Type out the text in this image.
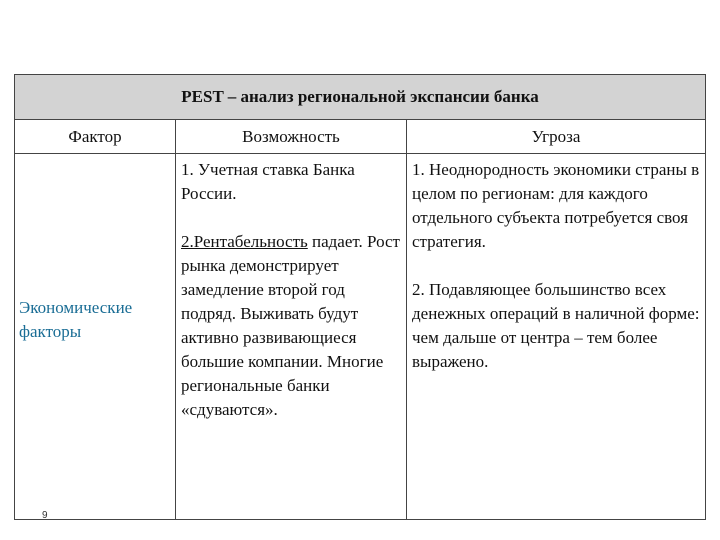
PEST – анализ региональной экспансии банка
Фактор	Возможность	Угроза
Экономические факторы

1. Учетная ставка Банка России.

2.Рентабельность падает. Рост рынка демонстрирует замедление второй год подряд. Выживать будут активно развивающиеся большие компании. Многие региональные банки «сдуваются».

1. Неоднородность экономики страны в целом по регионам: для каждого отдельного субъекта потребуется своя стратегия.

2. Подавляющее большинство всех денежных операций в наличной форме: чем дальше от центра – тем более выражено.

9
